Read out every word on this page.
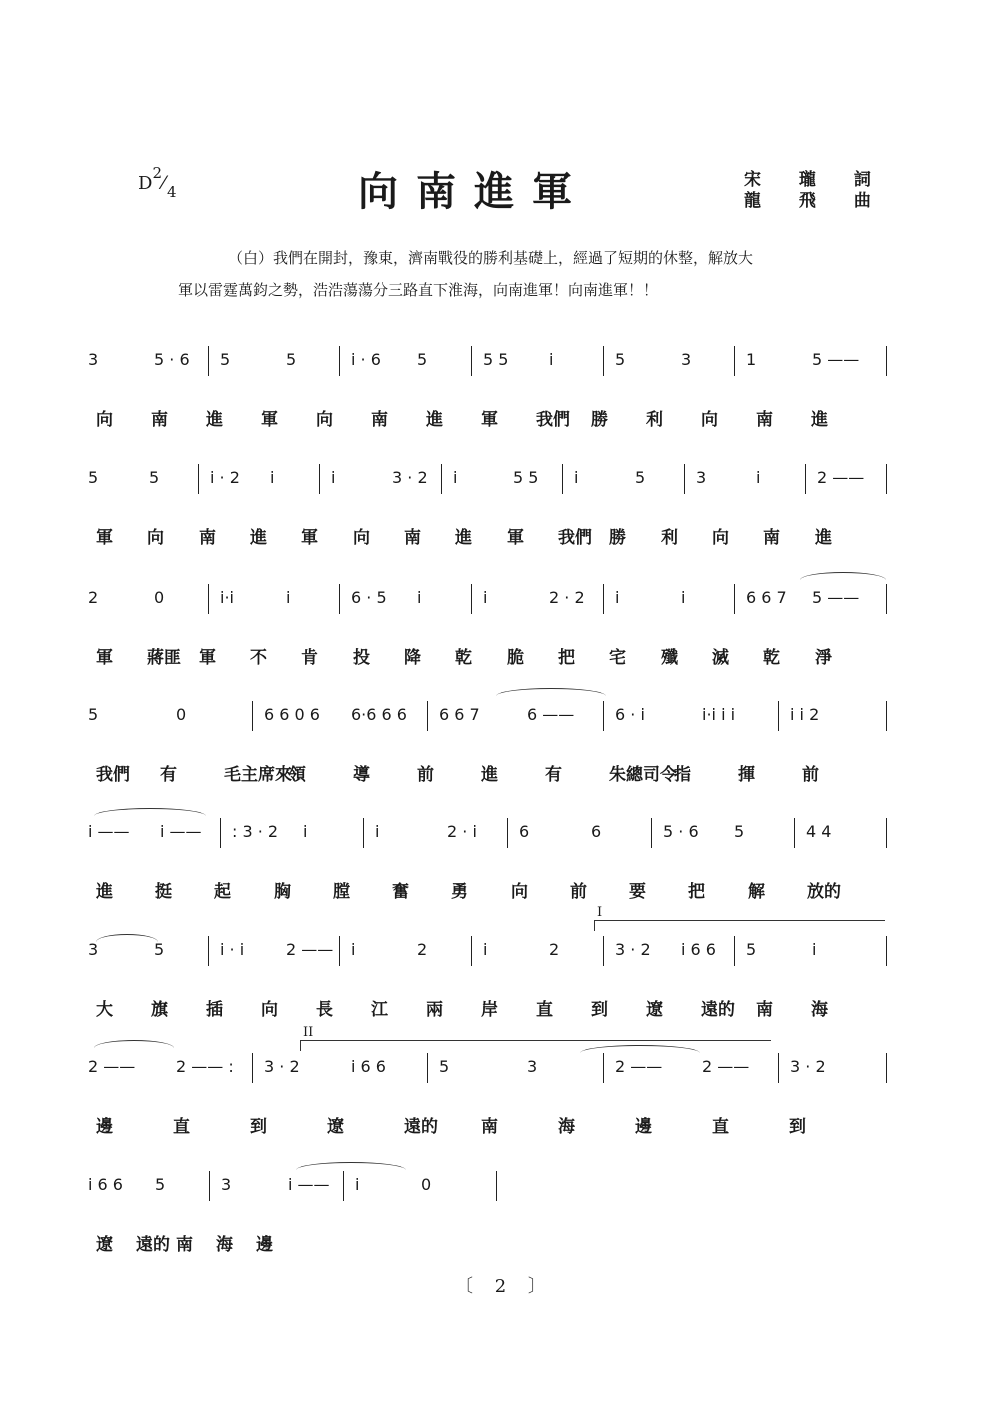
$D^2⁄$ $_4$	向南進軍	宋 瓏 詞
龍 飛 曲
（白）我們在開封，豫東，濟南戰役的勝利基礎上，經過了短期的休整，解放大
軍以雷霆萬鈞之勢，浩浩蕩蕩分三路直下淮海，向南進軍！向南進軍！！
3	5 · 6 5	5	i · 6 5	5 5	i	5	3	1	5 ——
向 南 進 軍 向 南 進 軍 我們 勝 利 向 南 進
5	5	i · 2 i	i	3 · 2 i	5 5 i	5	3	i	2 ——
軍 向 南 進 軍 向 南 進 軍 我們 勝 利 向 南 進
2	0	i·i	i	6 · 5 i	i	2 · 2 i	i	6 6 7 5 ——
軍 蔣匪 軍 不 肯 投 降 乾 脆 把 宅 殲 滅 乾 淨
5	0	6 6 0 6 6·6 6 6 6 6 7	6 ——	6 · i	i·i i i	i i 2
我們 有	毛主席來
領	導	前	進	有	朱總司令
指	揮	前
i —— i —— : 3 · 2 i	i	2 · i	6	6	5 · 6 5	4 4
進 挺 起	胸 膛 奮 勇	向 前 要 把	解 放的
3	5	i · i	2 —— i	2	i	2	3 · 2 i 6 6 5	i
大 旗 插 向 長 江 兩 岸 直 到 遼 遠的 南 海
2 ——	2 —— : 3 · 2	i 6 6	5	3	2 —— 2 ——	3 · 2
邊	直	到	遼	遠的	南	海	邊	直	到
i 6 6 5	3	i —— i	0
遼 遠的 南 海 邊
I
II
〔 2 〕
